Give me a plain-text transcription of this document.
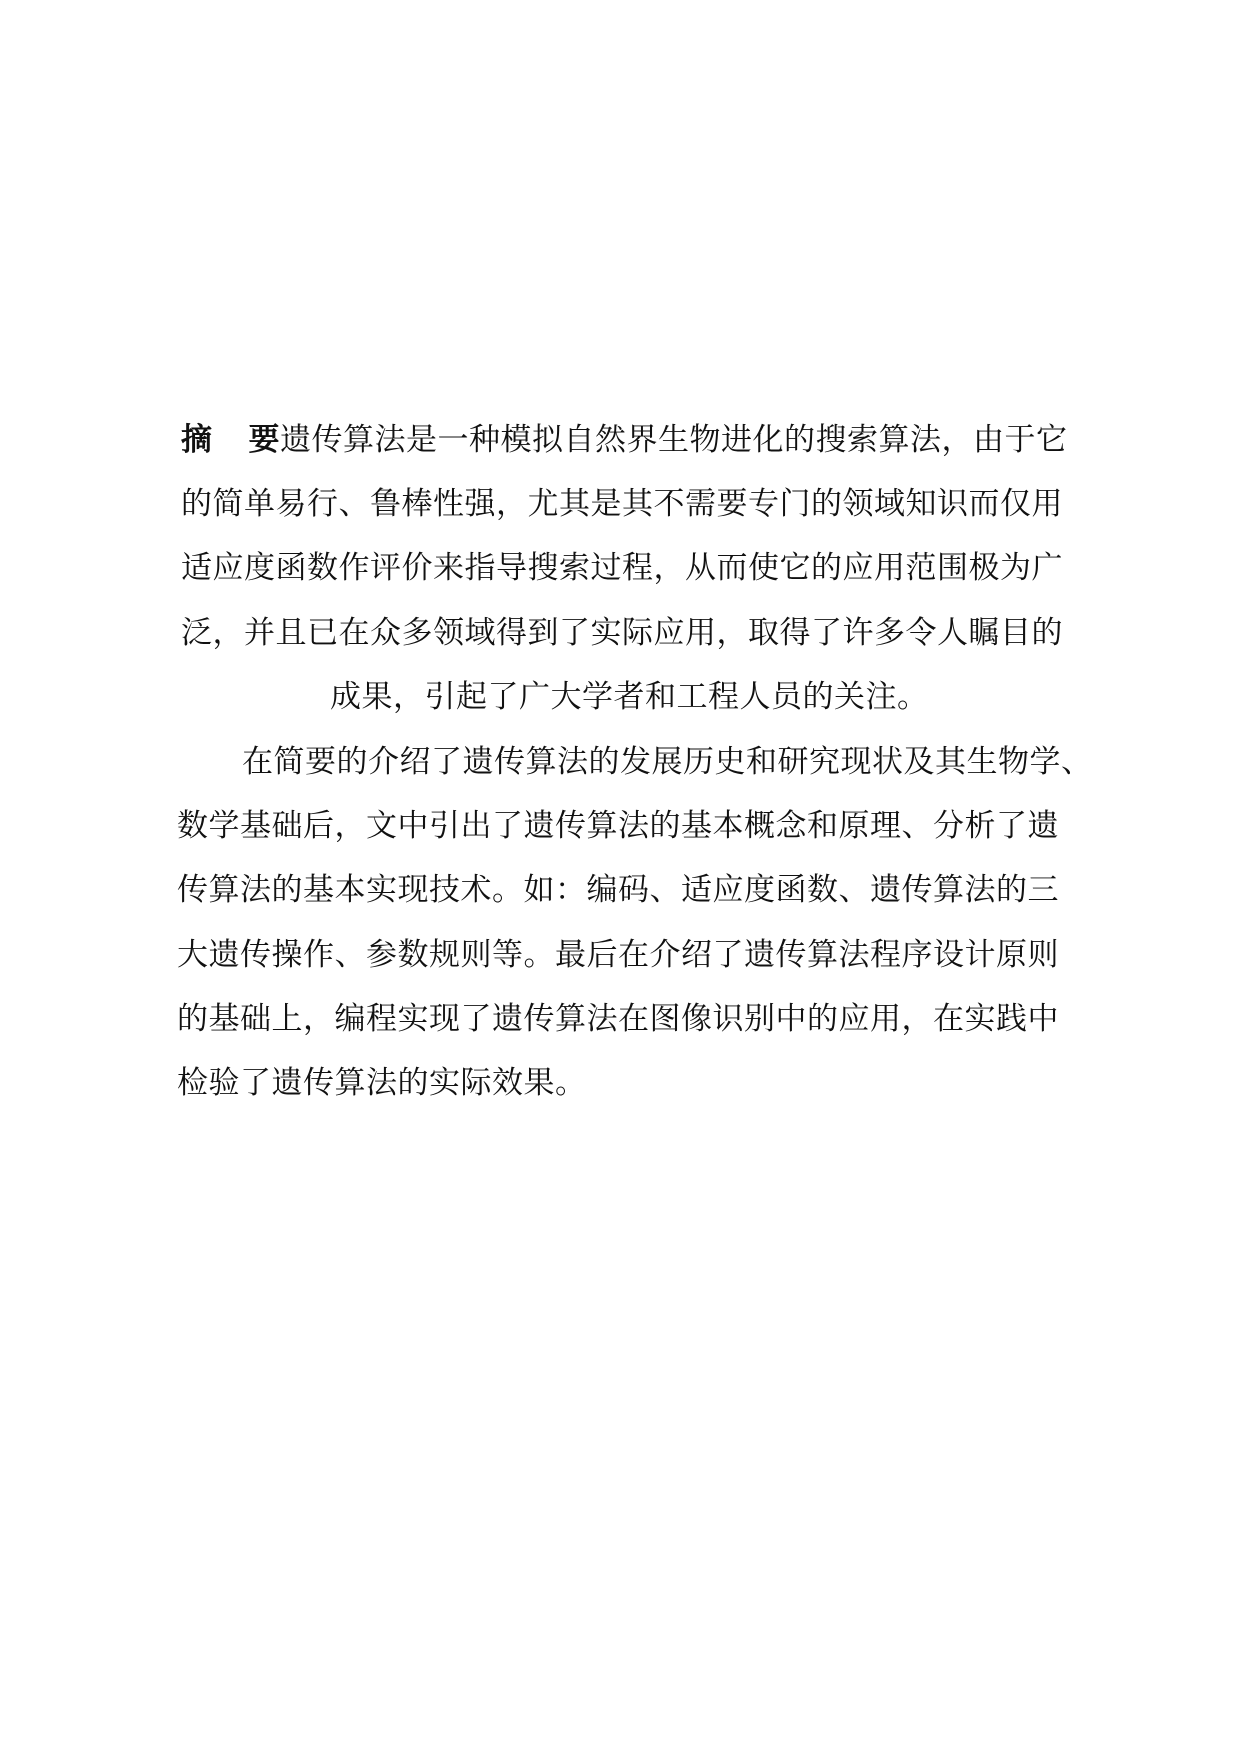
摘 要遗传算法是一种模拟自然界生物进化的搜索算法，由于它
的简单易行、鲁棒性强，尤其是其不需要专门的领域知识而仅用
适应度函数作评价来指导搜索过程，从而使它的应用范围极为广
泛，并且已在众多领域得到了实际应用，取得了许多令人瞩目的
成果，引起了广大学者和工程人员的关注。
在简要的介绍了遗传算法的发展历史和研究现状及其生物学、
数学基础后，文中引出了遗传算法的基本概念和原理、分析了遗
传算法的基本实现技术。如：编码、适应度函数、遗传算法的三
大遗传操作、参数规则等。最后在介绍了遗传算法程序设计原则
的基础上，编程实现了遗传算法在图像识别中的应用，在实践中
检验了遗传算法的实际效果。
